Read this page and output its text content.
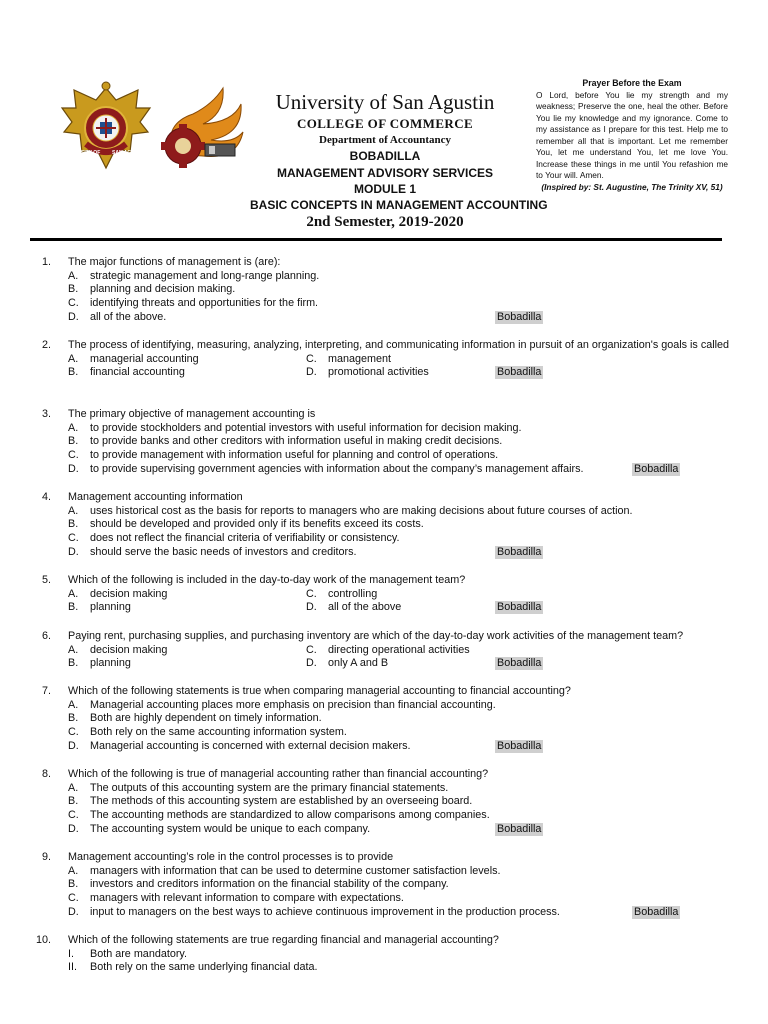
UNIVERSITY OF SAN AGUSTIN
University of San Agustin
COLLEGE OF COMMERCE
Department of Accountancy
BOBADILLA
MANAGEMENT ADVISORY SERVICES
MODULE 1
BASIC CONCEPTS IN MANAGEMENT ACCOUNTING
2nd Semester, 2019-2020
Prayer Before the Exam
O Lord, before You lie my strength and my weakness; Preserve the one, heal the other. Before You lie my knowledge and my ignorance. Come to my assistance as I prepare for this test. Help me to remember all that is important. Let me remember You, let me understand You, let me love You. Increase these things in me until You refashion me to Your will. Amen.
(Inspired by: St. Augustine, The Trinity XV, 51)
1. The major functions of management is (are):
A. strategic management and long-range planning.
B. planning and decision making.
C. identifying threats and opportunities for the firm.
D. all of the above.	Bobadilla
2. The process of identifying, measuring, analyzing, interpreting, and communicating information in pursuit of an organization's goals is called
A. managerial accounting	C. management
B. financial accounting	D. promotional activities	Bobadilla
3. The primary objective of management accounting is
A. to provide stockholders and potential investors with useful information for decision making.
B. to provide banks and other creditors with information useful in making credit decisions.
C. to provide management with information useful for planning and control of operations.
D. to provide supervising government agencies with information about the company’s management affairs.	Bobadilla
4. Management accounting information
A. uses historical cost as the basis for reports to managers who are making decisions about future courses of action.
B. should be developed and provided only if its benefits exceed its costs.
C. does not reflect the financial criteria of verifiability or consistency.
D. should serve the basic needs of investors and creditors.	Bobadilla
5. Which of the following is included in the day-to-day work of the management team?
A. decision making	C. controlling
B. planning	D. all of the above	Bobadilla
6. Paying rent, purchasing supplies, and purchasing inventory are which of the day-to-day work activities of the management team?
A. decision making	C. directing operational activities
B. planning	D. only A and B	Bobadilla
7. Which of the following statements is true when comparing managerial accounting to financial accounting?
A. Managerial accounting places more emphasis on precision than financial accounting.
B. Both are highly dependent on timely information.
C. Both rely on the same accounting information system.
D. Managerial accounting is concerned with external decision makers.	Bobadilla
8. Which of the following is true of managerial accounting rather than financial accounting?
A. The outputs of this accounting system are the primary financial statements.
B. The methods of this accounting system are established by an overseeing board.
C. The accounting methods are standardized to allow comparisons among companies.
D. The accounting system would be unique to each company.	Bobadilla
9. Management accounting’s role in the control processes is to provide
A. managers with information that can be used to determine customer satisfaction levels.
B. investors and creditors information on the financial stability of the company.
C. managers with relevant information to compare with expectations.
D. input to managers on the best ways to achieve continuous improvement in the production process.	Bobadilla
10. Which of the following statements are true regarding financial and managerial accounting?
I. Both are mandatory.
II. Both rely on the same underlying financial data.
